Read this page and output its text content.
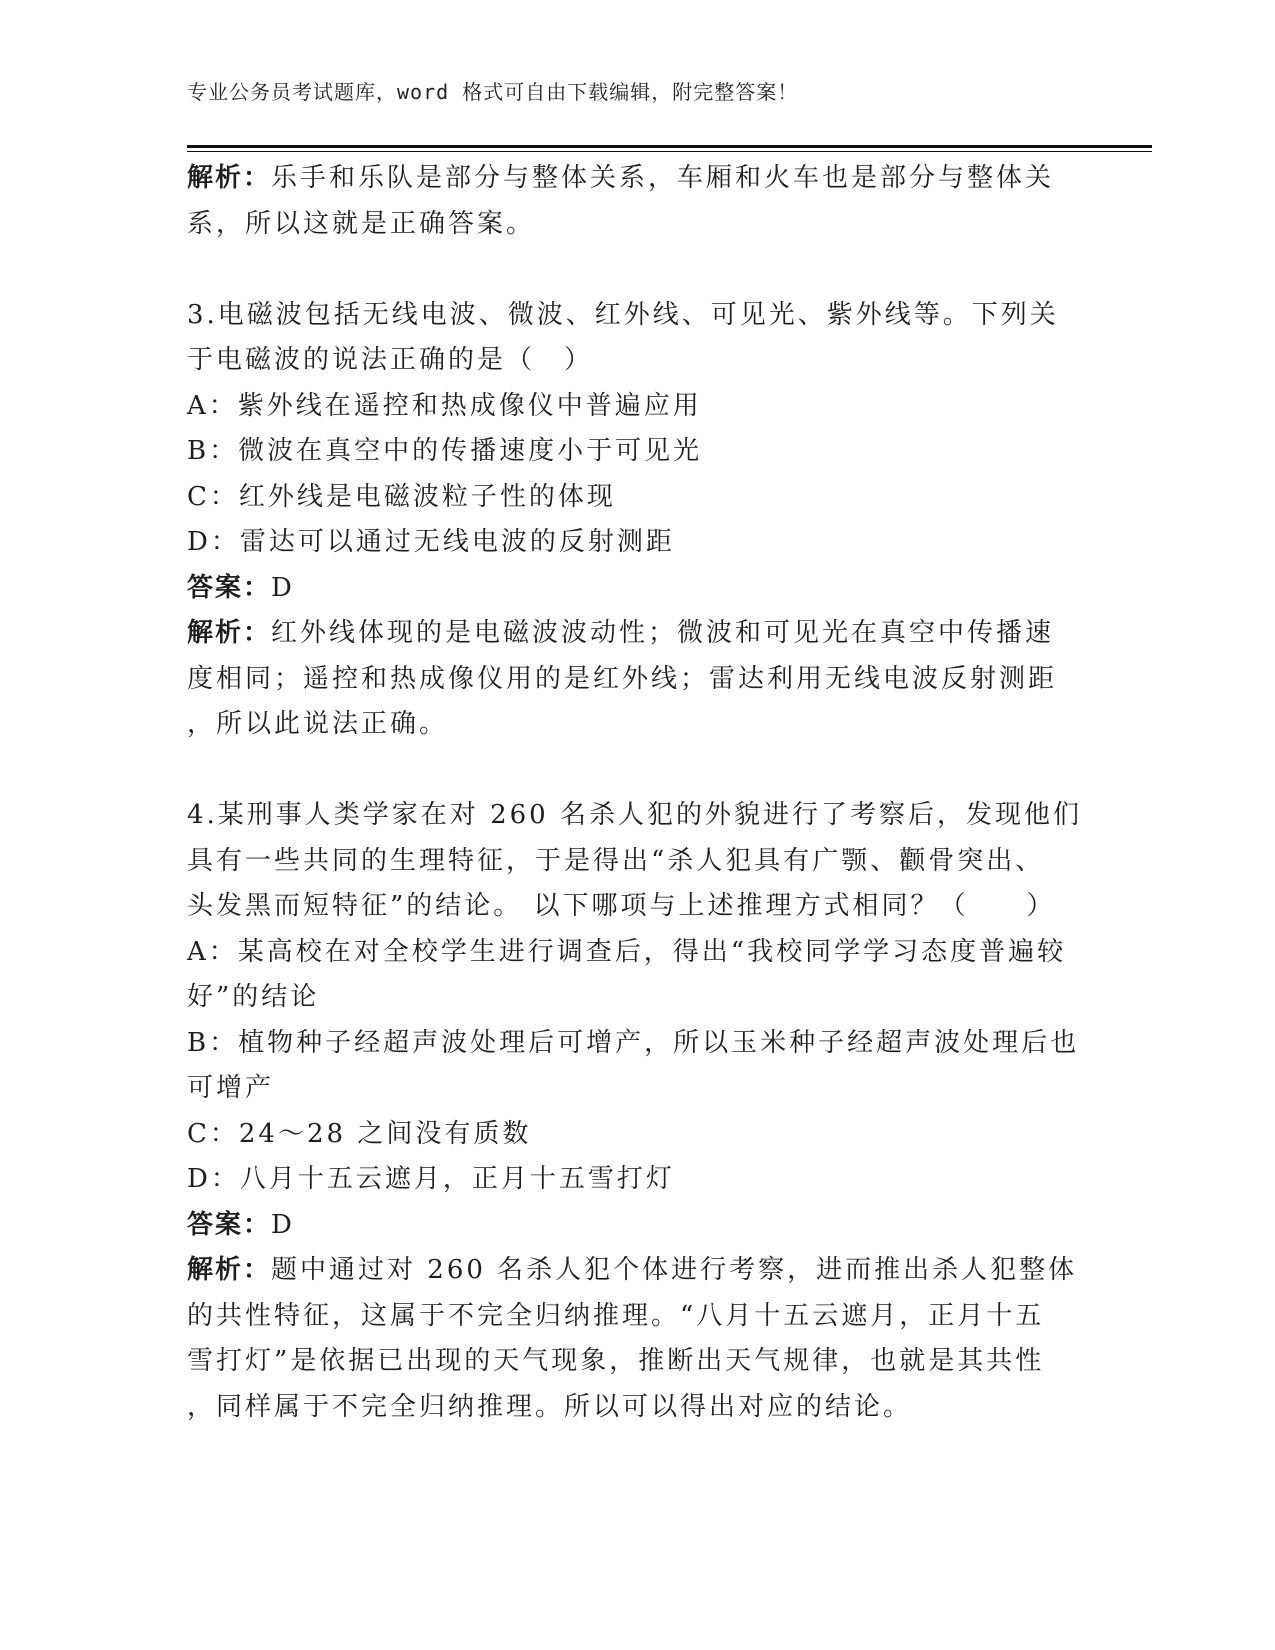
专业公务员考试题库，word 格式可自由下载编辑，附完整答案！
解析：乐手和乐队是部分与整体关系，车厢和火车也是部分与整体关
系，所以这就是正确答案。
3.电磁波包括无线电波、微波、红外线、可见光、紫外线等。下列关
于电磁波的说法正确的是（　）
A：紫外线在遥控和热成像仪中普遍应用
B：微波在真空中的传播速度小于可见光
C：红外线是电磁波粒子性的体现
D：雷达可以通过无线电波的反射测距
答案：D
解析：红外线体现的是电磁波波动性；微波和可见光在真空中传播速
度相同；遥控和热成像仪用的是红外线；雷达利用无线电波反射测距
，所以此说法正确。
4.某刑事人类学家在对 260 名杀人犯的外貌进行了考察后，发现他们
具有一些共同的生理特征，于是得出“杀人犯具有广颚、颧骨突出、
头发黑而短特征”的结论。 以下哪项与上述推理方式相同？（　　）
A：某高校在对全校学生进行调查后，得出“我校同学学习态度普遍较
好”的结论
B：植物种子经超声波处理后可增产，所以玉米种子经超声波处理后也
可增产
C：24～28 之间没有质数
D：八月十五云遮月，正月十五雪打灯
答案：D
解析：题中通过对 260 名杀人犯个体进行考察，进而推出杀人犯整体
的共性特征，这属于不完全归纳推理。“八月十五云遮月，正月十五
雪打灯”是依据已出现的天气现象，推断出天气规律，也就是其共性
，同样属于不完全归纳推理。所以可以得出对应的结论。
